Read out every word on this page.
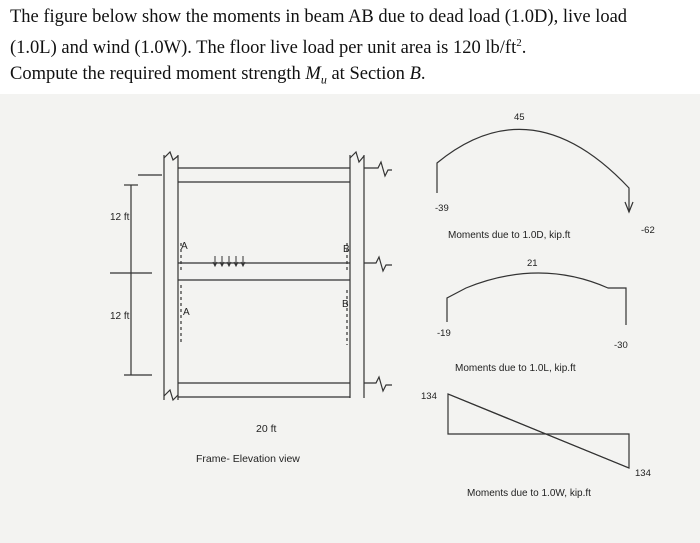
The figure below show the moments in beam AB due to dead load (1.0D), live load
(1.0L) and wind (1.0W). The floor live load per unit area is 120 $lb/ft^2$.
Compute the required moment strength $M_u$ at Section B.
12 ft
12 ft
A	B
A
B
20 ft
Frame- Elevation view
-39
45
-62
Moments due to 1.0D, kip.ft
21
-19
-30
Moments due to 1.0L, kip.ft
134
134
Moments due to 1.0W, kip.ft
